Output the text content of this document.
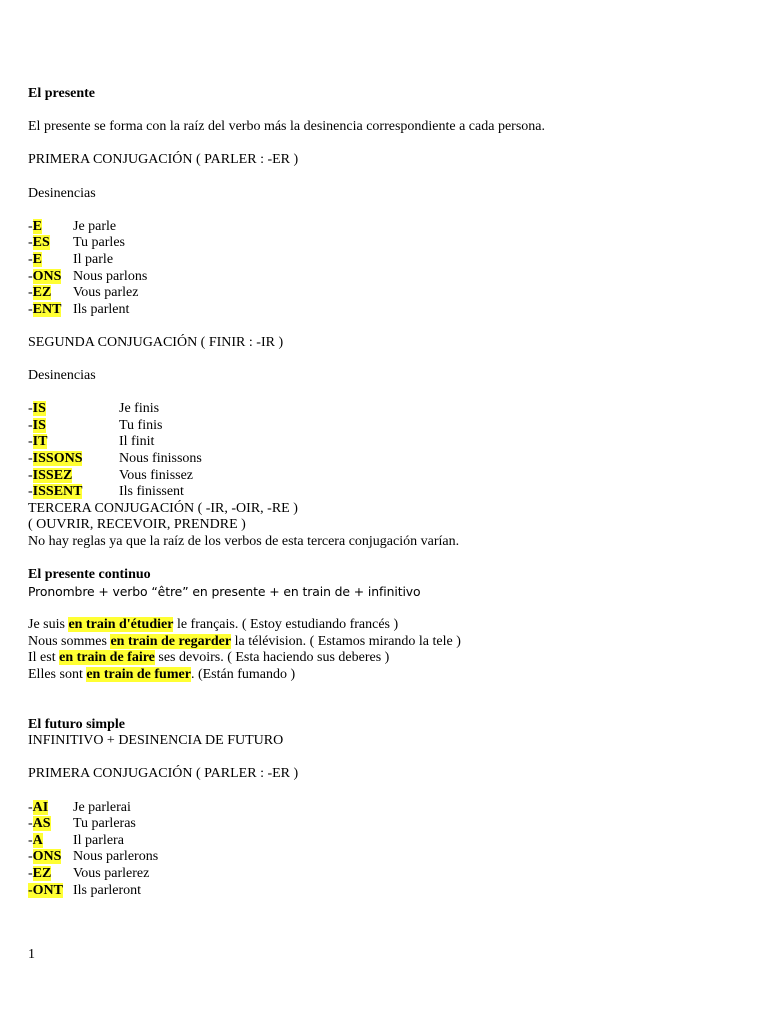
El presente
El presente se forma con la raíz del verbo más la desinencia correspondiente a cada persona.
PRIMERA CONJUGACIÓN ( PARLER : -ER )
Desinencias
-E	Je parle
-ES	Tu parles
-E	Il parle
-ONS Nous parlons
-EZ	Vous parlez
-ENT Ils parlent
SEGUNDA CONJUGACIÓN ( FINIR : -IR )
Desinencias
-IS	Je finis
-IS	Tu finis
-IT	Il finit
-ISSONS	Nous finissons
-ISSEZ	Vous finissez
-ISSENT	Ils finissent
TERCERA CONJUGACIÓN ( -IR, -OIR, -RE )
( OUVRIR, RECEVOIR, PRENDRE )
No hay reglas ya que la raíz de los verbos de esta tercera conjugación varían.
El presente continuo
Pronombre + verbo “être” en presente + en train de + infinitivo
Je suis en train d'étudier le français. ( Estoy estudiando francés )
Nous sommes en train de regarder la télévision. ( Estamos mirando la tele )
Il est en train de faire ses devoirs. ( Esta haciendo sus deberes )
Elles sont en train de fumer. (Están fumando )
El futuro simple
INFINITIVO + DESINENCIA DE FUTURO
PRIMERA CONJUGACIÓN ( PARLER : -ER )
-AI	Je parlerai
-AS	Tu parleras
-A	Il parlera
-ONS Nous parlerons
-EZ	Vous parlerez
-ONT Ils parleront
1
